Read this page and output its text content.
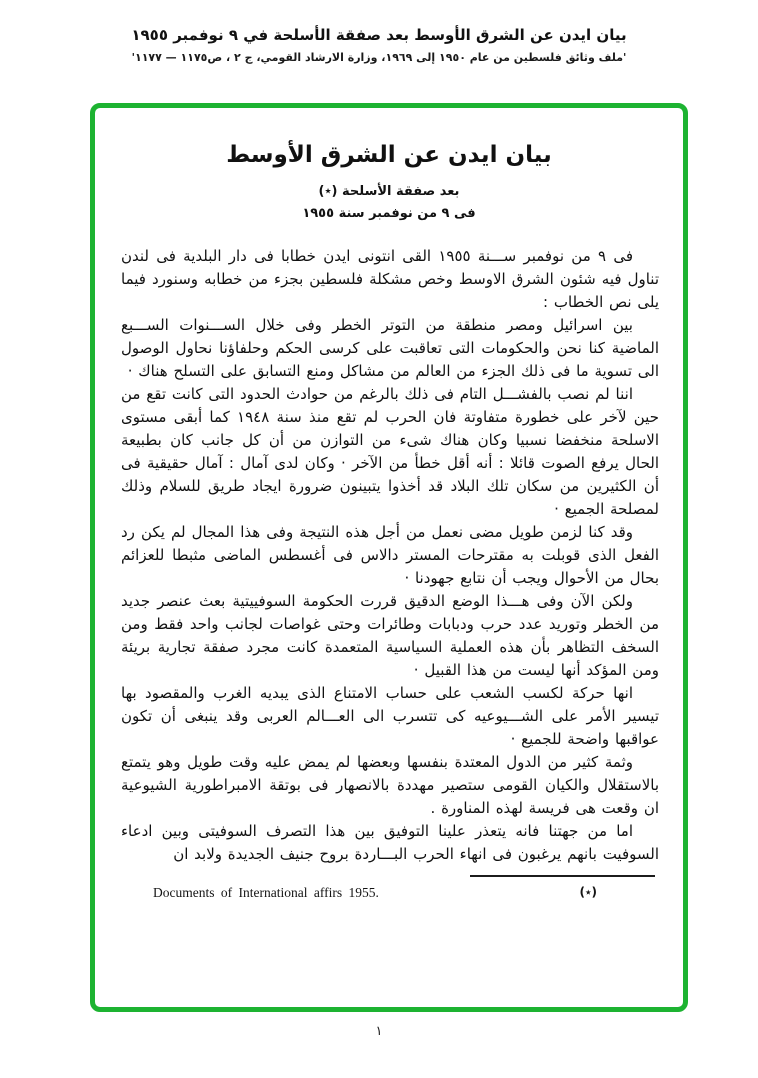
بيان ايدن عن الشرق الأوسط بعد صفقة الأسلحة في ٩ نوفمبر ١٩٥٥
'ملف وثائق فلسطين من عام ١٩٥٠ إلى ١٩٦٩، وزارة الارشاد القومي، ج ٢ ، ص١١٧٥ — ١١٧٧'
بيان ايدن عن الشرق الأوسط
بعد صفقة الأسلحة (٭)
فى ٩ من نوفمبر سنة ١٩٥٥

فى ٩ من نوفمبر ســـنة ١٩٥٥ القى انتونى ايدن خطابا فى دار البلدية فى لندن تناول فيه شئون الشرق الاوسط وخص مشكلة فلسطين بجزء من خطابه وسنورد فيما يلى نص الخطاب :

بين اسرائيل ومصر منطقة من التوتر الخطر وفى خلال الســـنوات الســـبع الماضية كنا نحن والحكومات التى تعاقبت على كرسى الحكم وحلفاؤنا نحاول الوصول الى تسوية ما فى ذلك الجزء من العالم من مشاكل ومنع التسابق على التسلح هناك ·

اننا لم نصب بالفشـــل التام فى ذلك بالرغم من حوادث الحدود التى كانت تقع من حين لآخر على خطورة متفاوتة فان الحرب لم تقع منذ سنة ١٩٤٨ كما أبقى مستوى الاسلحة منخفضا نسبيا وكان هناك شىء من التوازن من أن كل جانب كان بطبيعة الحال يرفع الصوت قائلا : أنه أقل خطأ من الآخر · وكان لدى آمال : آمال حقيقية فى أن الكثيرين من سكان تلك البلاد قد أخذوا يتبينون ضرورة ايجاد طريق للسلام وذلك لمصلحة الجميع ·

وقد كنا لزمن طويل مضى نعمل من أجل هذه النتيجة وفى هذا المجال لم يكن رد الفعل الذى قوبلت به مقترحات المستر دالاس فى أغسطس الماضى مثبطا للعزائم بحال من الأحوال ويجب أن نتابع جهودنا ·

ولكن الآن وفى هـــذا الوضع الدقيق قررت الحكومة السوفييتية بعث عنصر جديد من الخطر وتوريد عدد حرب ودبابات وطائرات وحتى غواصات لجانب واحد فقط ومن السخف التظاهر بأن هذه العملية السياسية المتعمدة كانت مجرد صفقة تجارية بريئة ومن المؤكد أنها ليست من هذا القبيل ·

انها حركة لكسب الشعب على حساب الامتناع الذى يبديه الغرب والمقصود بها تيسير الأمر على الشـــيوعيه كى تتسرب الى العـــالم العربى وقد ينبغى أن تكون عواقبها واضحة للجميع ·

وثمة كثير من الدول المعتدة بنفسها وبعضها لم يمض عليه وقت طويل وهو يتمتع بالاستقلال والكيان القومى ستصير مهددة بالانصهار فى بوتقة الامبراطورية الشيوعية ان وقعت هى فريسة لهذه المناورة .

اما من جهتنا فانه يتعذر علينا التوفيق بين هذا التصرف السوفيتى وبين ادعاء السوفيت بانهم يرغبون فى انهاء الحرب البـــاردة بروح جنيف الجديدة ولابد ان

Documents of International affirs 1955.	(٭)
١
